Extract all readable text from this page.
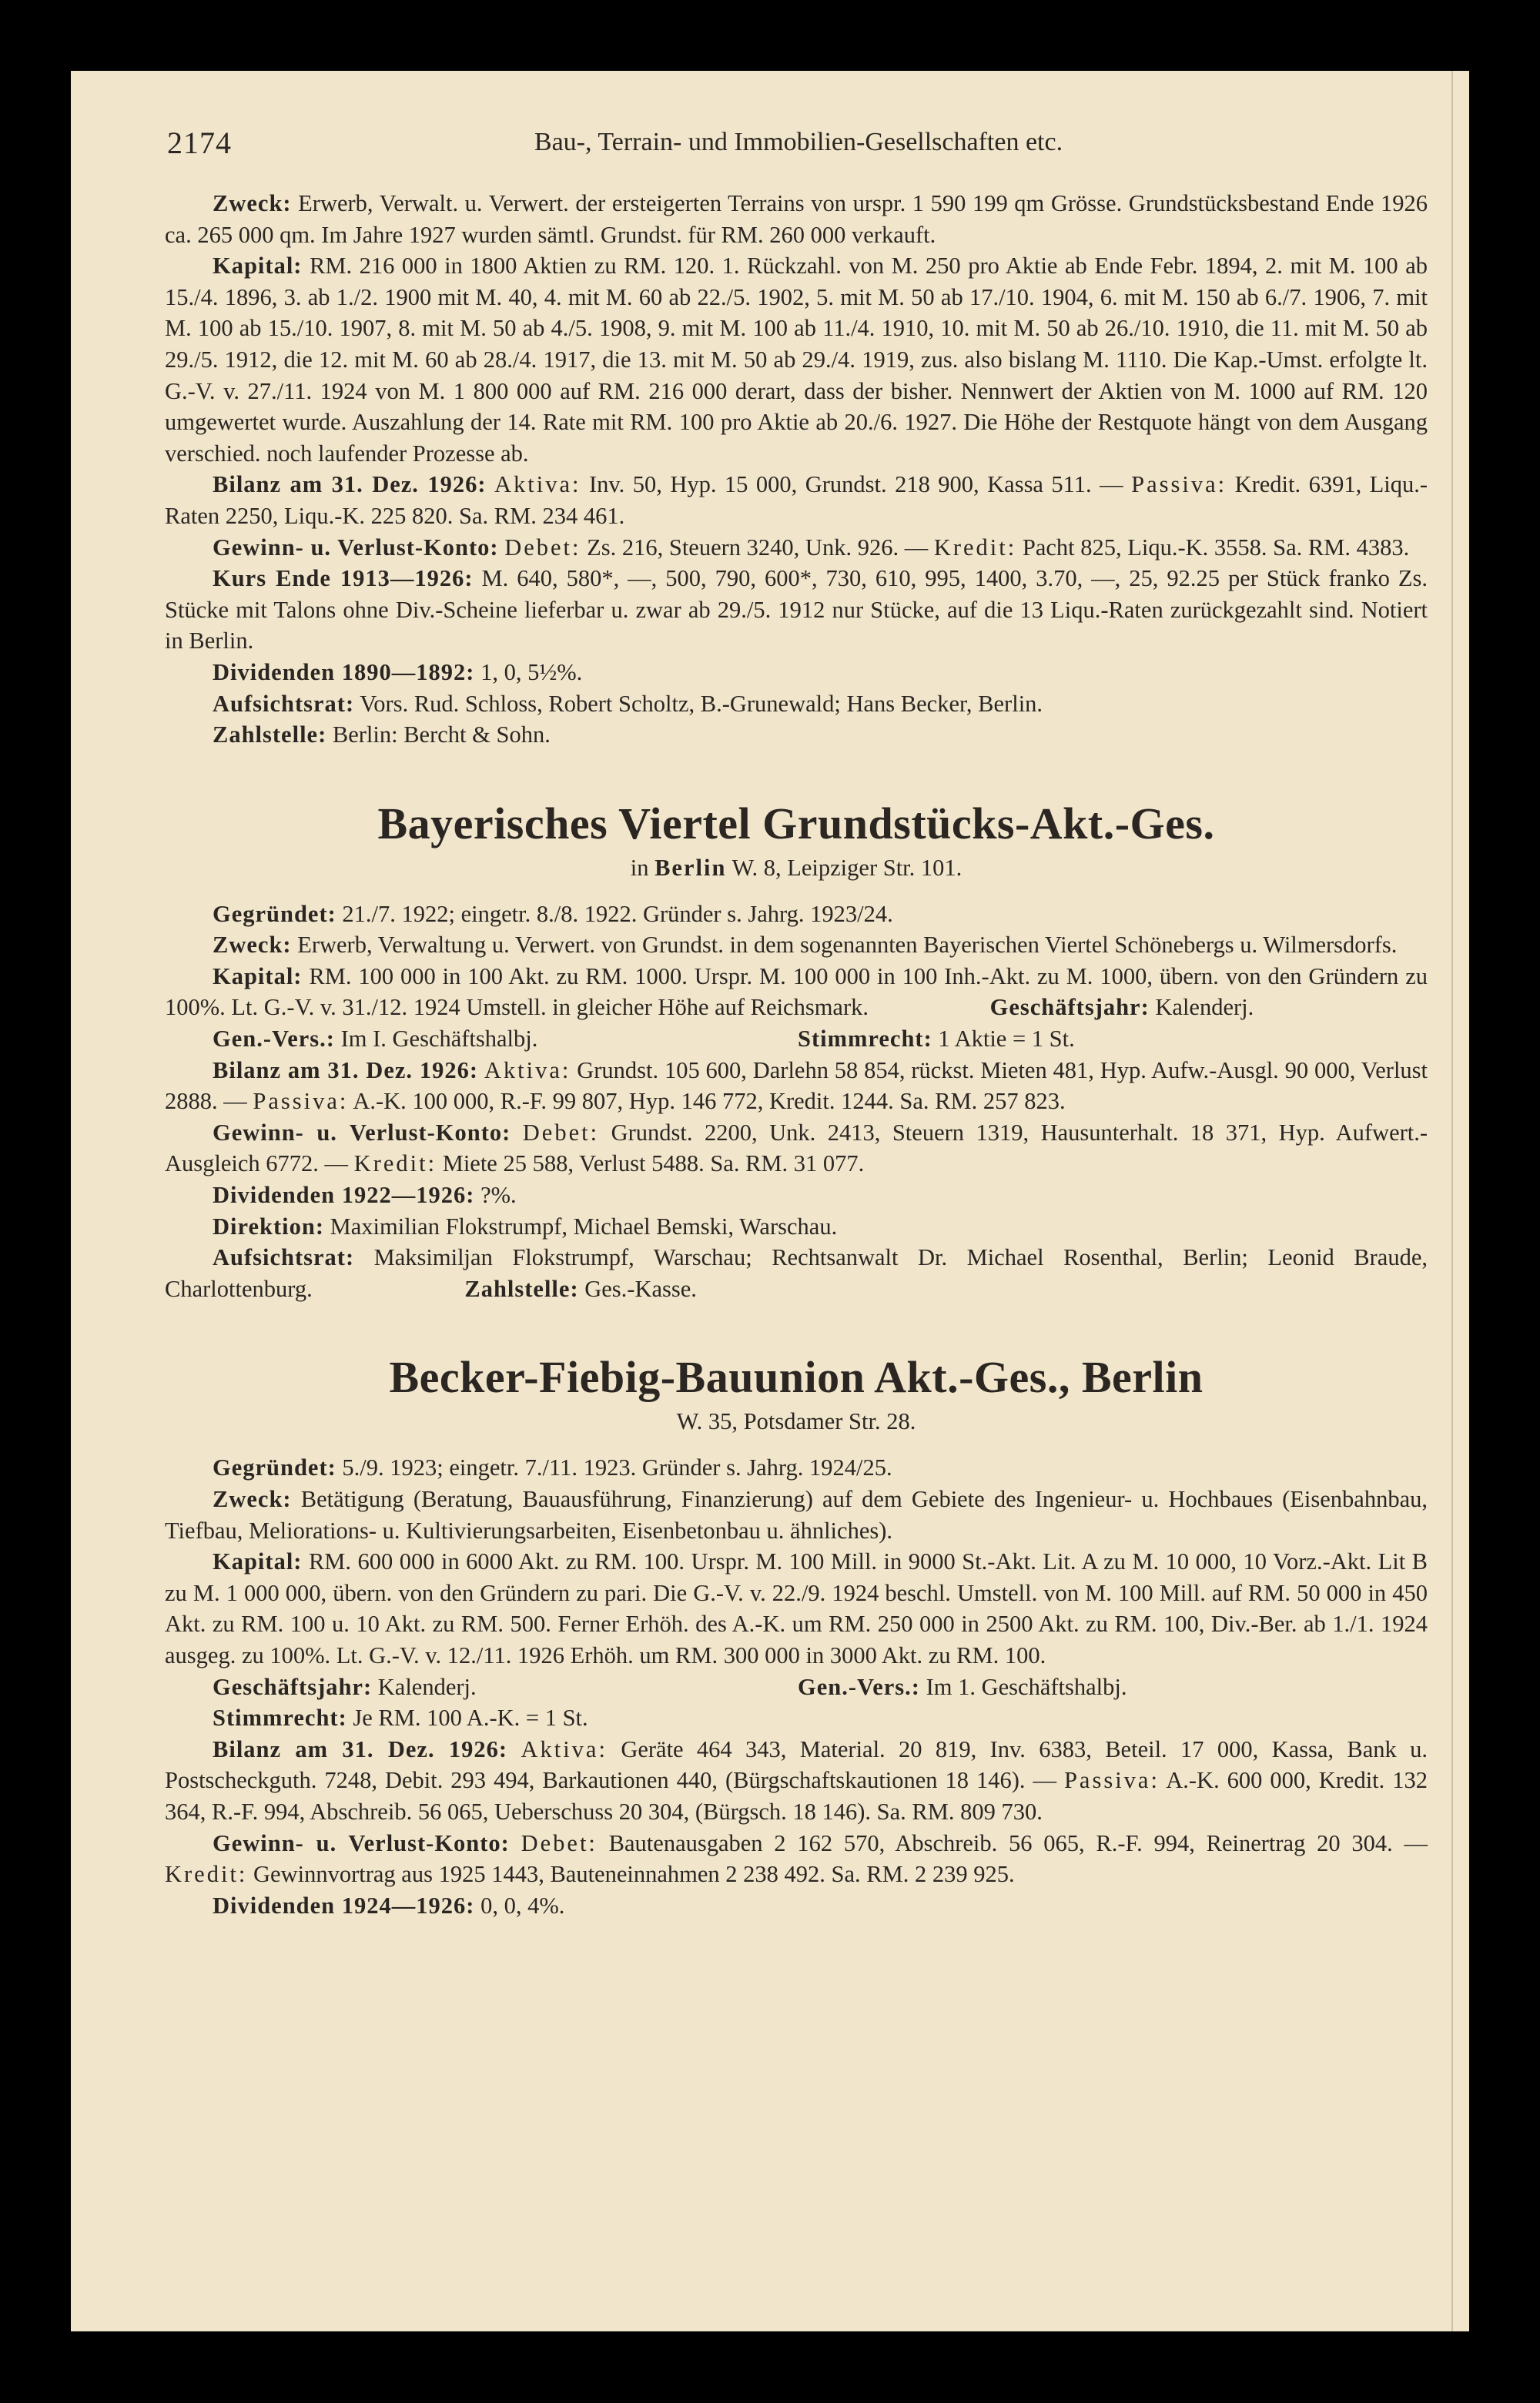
2174	Bau-, Terrain- und Immobilien-Gesellschaften etc.

Zweck: Erwerb, Verwalt. u. Verwert. der ersteigerten Terrains von urspr. 1 590 199 qm Grösse. Grundstücksbestand Ende 1926 ca. 265 000 qm. Im Jahre 1927 wurden sämtl. Grundst. für RM. 260 000 verkauft.

Kapital: RM. 216 000 in 1800 Aktien zu RM. 120. 1. Rückzahl. von M. 250 pro Aktie ab Ende Febr. 1894, 2. mit M. 100 ab 15./4. 1896, 3. ab 1./2. 1900 mit M. 40, 4. mit M. 60 ab 22./5. 1902, 5. mit M. 50 ab 17./10. 1904, 6. mit M. 150 ab 6./7. 1906, 7. mit M. 100 ab 15./10. 1907, 8. mit M. 50 ab 4./5. 1908, 9. mit M. 100 ab 11./4. 1910, 10. mit M. 50 ab 26./10. 1910, die 11. mit M. 50 ab 29./5. 1912, die 12. mit M. 60 ab 28./4. 1917, die 13. mit M. 50 ab 29./4. 1919, zus. also bislang M. 1110. Die Kap.-Umst. erfolgte lt. G.-V. v. 27./11. 1924 von M. 1 800 000 auf RM. 216 000 derart, dass der bisher. Nennwert der Aktien von M. 1000 auf RM. 120 umgewertet wurde. Auszahlung der 14. Rate mit RM. 100 pro Aktie ab 20./6. 1927. Die Höhe der Restquote hängt von dem Ausgang verschied. noch laufender Prozesse ab.

Bilanz am 31. Dez. 1926: Aktiva: Inv. 50, Hyp. 15 000, Grundst. 218 900, Kassa 511. — Passiva: Kredit. 6391, Liqu.-Raten 2250, Liqu.-K. 225 820. Sa. RM. 234 461.

Gewinn- u. Verlust-Konto: Debet: Zs. 216, Steuern 3240, Unk. 926. — Kredit: Pacht 825, Liqu.-K. 3558. Sa. RM. 4383.

Kurs Ende 1913—1926: M. 640, 580*, —, 500, 790, 600*, 730, 610, 995, 1400, 3.70, —, 25, 92.25 per Stück franko Zs. Stücke mit Talons ohne Div.-Scheine lieferbar u. zwar ab 29./5. 1912 nur Stücke, auf die 13 Liqu.-Raten zurückgezahlt sind. Notiert in Berlin.

Dividenden 1890—1892: 1, 0, 5½%.

Aufsichtsrat: Vors. Rud. Schloss, Robert Scholtz, B.-Grunewald; Hans Becker, Berlin.

Zahlstelle: Berlin: Bercht & Sohn.

Bayerisches Viertel Grundstücks-Akt.-Ges.

in Berlin W. 8, Leipziger Str. 101.

Gegründet: 21./7. 1922; eingetr. 8./8. 1922. Gründer s. Jahrg. 1923/24.

Zweck: Erwerb, Verwaltung u. Verwert. von Grundst. in dem sogenannten Bayerischen Viertel Schönebergs u. Wilmersdorfs.

Kapital: RM. 100 000 in 100 Akt. zu RM. 1000. Urspr. M. 100 000 in 100 Inh.-Akt. zu M. 1000, übern. von den Gründern zu 100%. Lt. G.-V. v. 31./12. 1924 Umstell. in gleicher Höhe auf Reichsmark.	Geschäftsjahr: Kalenderj.

Gen.-Vers.: Im I. Geschäftshalbj.	Stimmrecht: 1 Aktie = 1 St.

Bilanz am 31. Dez. 1926: Aktiva: Grundst. 105 600, Darlehn 58 854, rückst. Mieten 481, Hyp. Aufw.-Ausgl. 90 000, Verlust 2888. — Passiva: A.-K. 100 000, R.-F. 99 807, Hyp. 146 772, Kredit. 1244. Sa. RM. 257 823.

Gewinn- u. Verlust-Konto: Debet: Grundst. 2200, Unk. 2413, Steuern 1319, Hausunterhalt. 18 371, Hyp. Aufwert.-Ausgleich 6772. — Kredit: Miete 25 588, Verlust 5488. Sa. RM. 31 077.

Dividenden 1922—1926: ?%.

Direktion: Maximilian Flokstrumpf, Michael Bemski, Warschau.

Aufsichtsrat: Maksimiljan Flokstrumpf, Warschau; Rechtsanwalt Dr. Michael Rosenthal, Berlin; Leonid Braude, Charlottenburg.	Zahlstelle: Ges.-Kasse.

Becker-Fiebig-Bauunion Akt.-Ges., Berlin

W. 35, Potsdamer Str. 28.

Gegründet: 5./9. 1923; eingetr. 7./11. 1923. Gründer s. Jahrg. 1924/25.

Zweck: Betätigung (Beratung, Bauausführung, Finanzierung) auf dem Gebiete des Ingenieur- u. Hochbaues (Eisenbahnbau, Tiefbau, Meliorations- u. Kultivierungsarbeiten, Eisenbetonbau u. ähnliches).

Kapital: RM. 600 000 in 6000 Akt. zu RM. 100. Urspr. M. 100 Mill. in 9000 St.-Akt. Lit. A zu M. 10 000, 10 Vorz.-Akt. Lit B zu M. 1 000 000, übern. von den Gründern zu pari. Die G.-V. v. 22./9. 1924 beschl. Umstell. von M. 100 Mill. auf RM. 50 000 in 450 Akt. zu RM. 100 u. 10 Akt. zu RM. 500. Ferner Erhöh. des A.-K. um RM. 250 000 in 2500 Akt. zu RM. 100, Div.-Ber. ab 1./1. 1924 ausgeg. zu 100%. Lt. G.-V. v. 12./11. 1926 Erhöh. um RM. 300 000 in 3000 Akt. zu RM. 100.

Geschäftsjahr: Kalenderj.	Gen.-Vers.: Im 1. Geschäftshalbj.

Stimmrecht: Je RM. 100 A.-K. = 1 St.

Bilanz am 31. Dez. 1926: Aktiva: Geräte 464 343, Material. 20 819, Inv. 6383, Beteil. 17 000, Kassa, Bank u. Postscheckguth. 7248, Debit. 293 494, Barkautionen 440, (Bürgschaftskautionen 18 146). — Passiva: A.-K. 600 000, Kredit. 132 364, R.-F. 994, Abschreib. 56 065, Ueberschuss 20 304, (Bürgsch. 18 146). Sa. RM. 809 730.

Gewinn- u. Verlust-Konto: Debet: Bautenausgaben 2 162 570, Abschreib. 56 065, R.-F. 994, Reinertrag 20 304. — Kredit: Gewinnvortrag aus 1925 1443, Bauteneinnahmen 2 238 492. Sa. RM. 2 239 925.

Dividenden 1924—1926: 0, 0, 4%.
